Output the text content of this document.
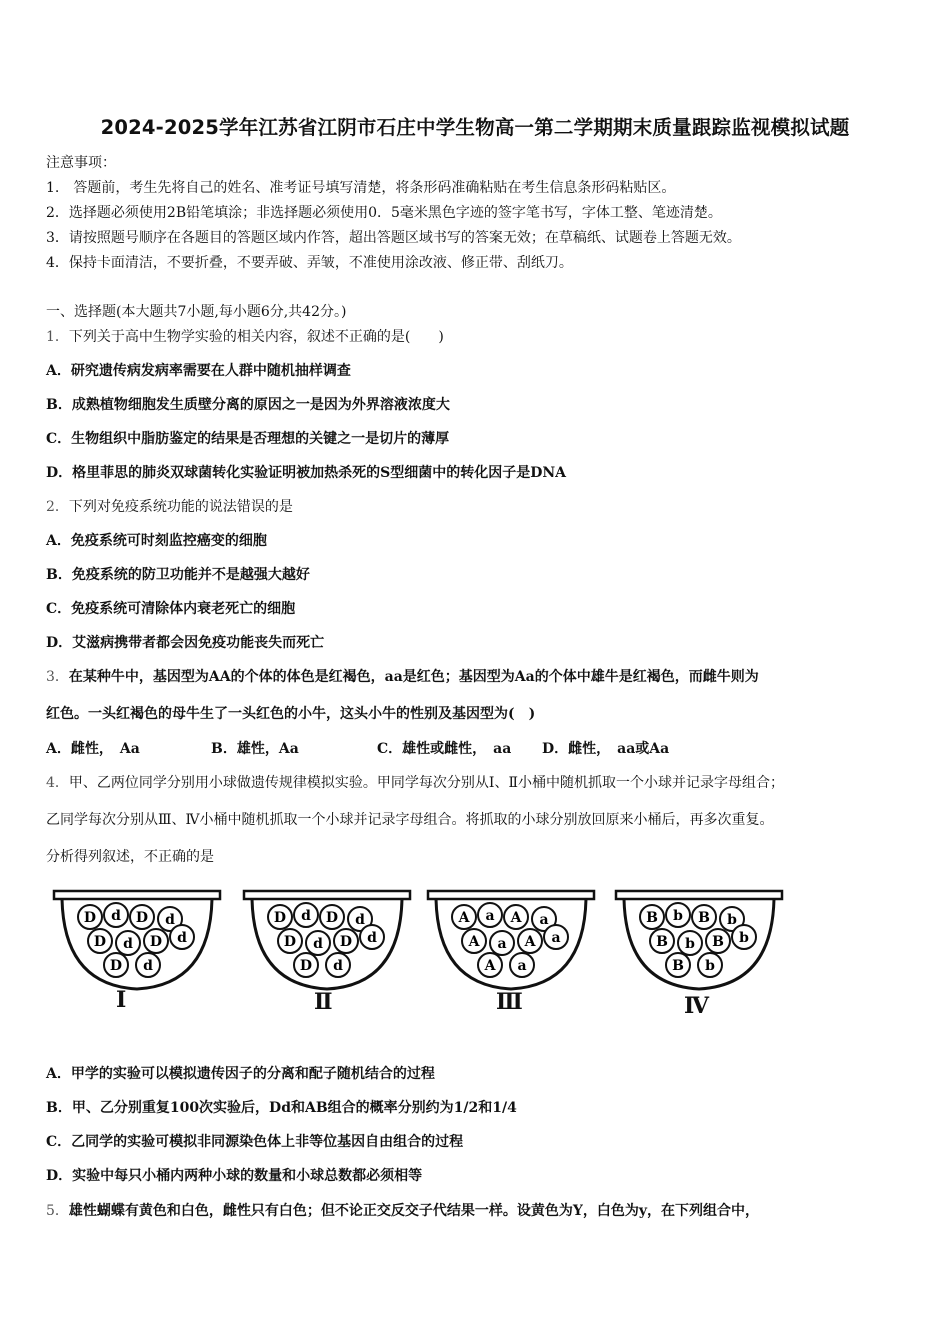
2024-2025学年江苏省江阴市石庄中学生物高一第二学期期末质量跟踪监视模拟试题
注意事项：
1.　答题前，考生先将自己的姓名、准考证号填写清楚，将条形码准确粘贴在考生信息条形码粘贴区。
2．选择题必须使用2B铅笔填涂；非选择题必须使用0．5毫米黑色字迹的签字笔书写，字体工整、笔迹清楚。
3．请按照题号顺序在各题目的答题区域内作答，超出答题区域书写的答案无效；在草稿纸、试题卷上答题无效。
4．保持卡面清洁，不要折叠，不要弄破、弄皱，不准使用涂改液、修正带、刮纸刀。
一、选择题(本大题共7小题,每小题6分,共42分。)
1．下列关于高中生物学实验的相关内容，叙述不正确的是(　　)
A．研究遗传病发病率需要在人群中随机抽样调查
B．成熟植物细胞发生质壁分离的原因之一是因为外界溶液浓度大
C．生物组织中脂肪鉴定的结果是否理想的关键之一是切片的薄厚
D．格里菲思的肺炎双球菌转化实验证明被加热杀死的S型细菌中的转化因子是DNA
2．下列对免疫系统功能的说法错误的是
A．免疫系统可时刻监控癌变的细胞
B．免疫系统的防卫功能并不是越强大越好
C．免疫系统可清除体内衰老死亡的细胞
D．艾滋病携带者都会因免疫功能丧失而死亡
3．在某种牛中，基因型为AA的个体的体色是红褐色，aa是红色；基因型为Aa的个体中雄牛是红褐色，而雌牛则为
红色。一头红褐色的母牛生了一头红色的小牛，这头小牛的性别及基因型为(　)
A．雌性，　Aa	B．雄性，Aa	C．雄性或雌性，　aa D．雌性，　aa或Aa
4．甲、乙两位同学分别用小球做遗传规律模拟实验。甲同学每次分别从Ⅰ、Ⅱ小桶中随机抓取一个小球并记录字母组合；
乙同学每次分别从Ⅲ、Ⅳ小桶中随机抓取一个小球并记录字母组合。将抓取的小球分别放回原来小桶后，再多次重复。
分析得列叙述，不正确的是
D d D d
D d D d
D d
D d D d
D d D d
D d
A a A a
A a A a
A a
B b B b
B b B b
B b
Ⅰ	Ⅱ	Ⅲ	Ⅳ
A．甲学的实验可以模拟遗传因子的分离和配子随机结合的过程
B．甲、乙分别重复100次实验后，Dd和AB组合的概率分别约为1/2和1/4
C．乙同学的实验可模拟非同源染色体上非等位基因自由组合的过程
D．实验中每只小桶内两种小球的数量和小球总数都必须相等
5．雄性蝴蝶有黄色和白色，雌性只有白色；但不论正交反交子代结果一样。设黄色为Y，白色为y，在下列组合中，
